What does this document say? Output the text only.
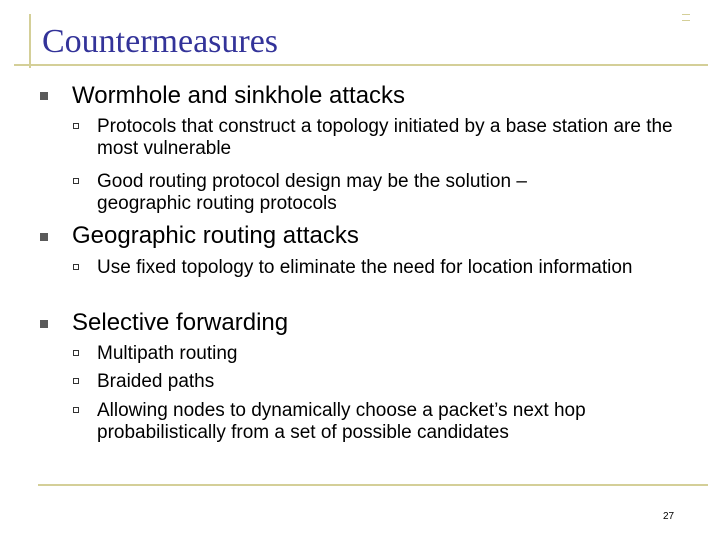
Countermeasures
Wormhole and sinkhole attacks
Protocols that construct a topology initiated by a base station are the most vulnerable
Good routing protocol design may be the solution – geographic routing protocols
Geographic routing attacks
Use fixed topology to eliminate the need for location information
Selective forwarding
Multipath routing
Braided paths
Allowing nodes to dynamically choose a packet’s next hop probabilistically from a set of possible candidates
27
